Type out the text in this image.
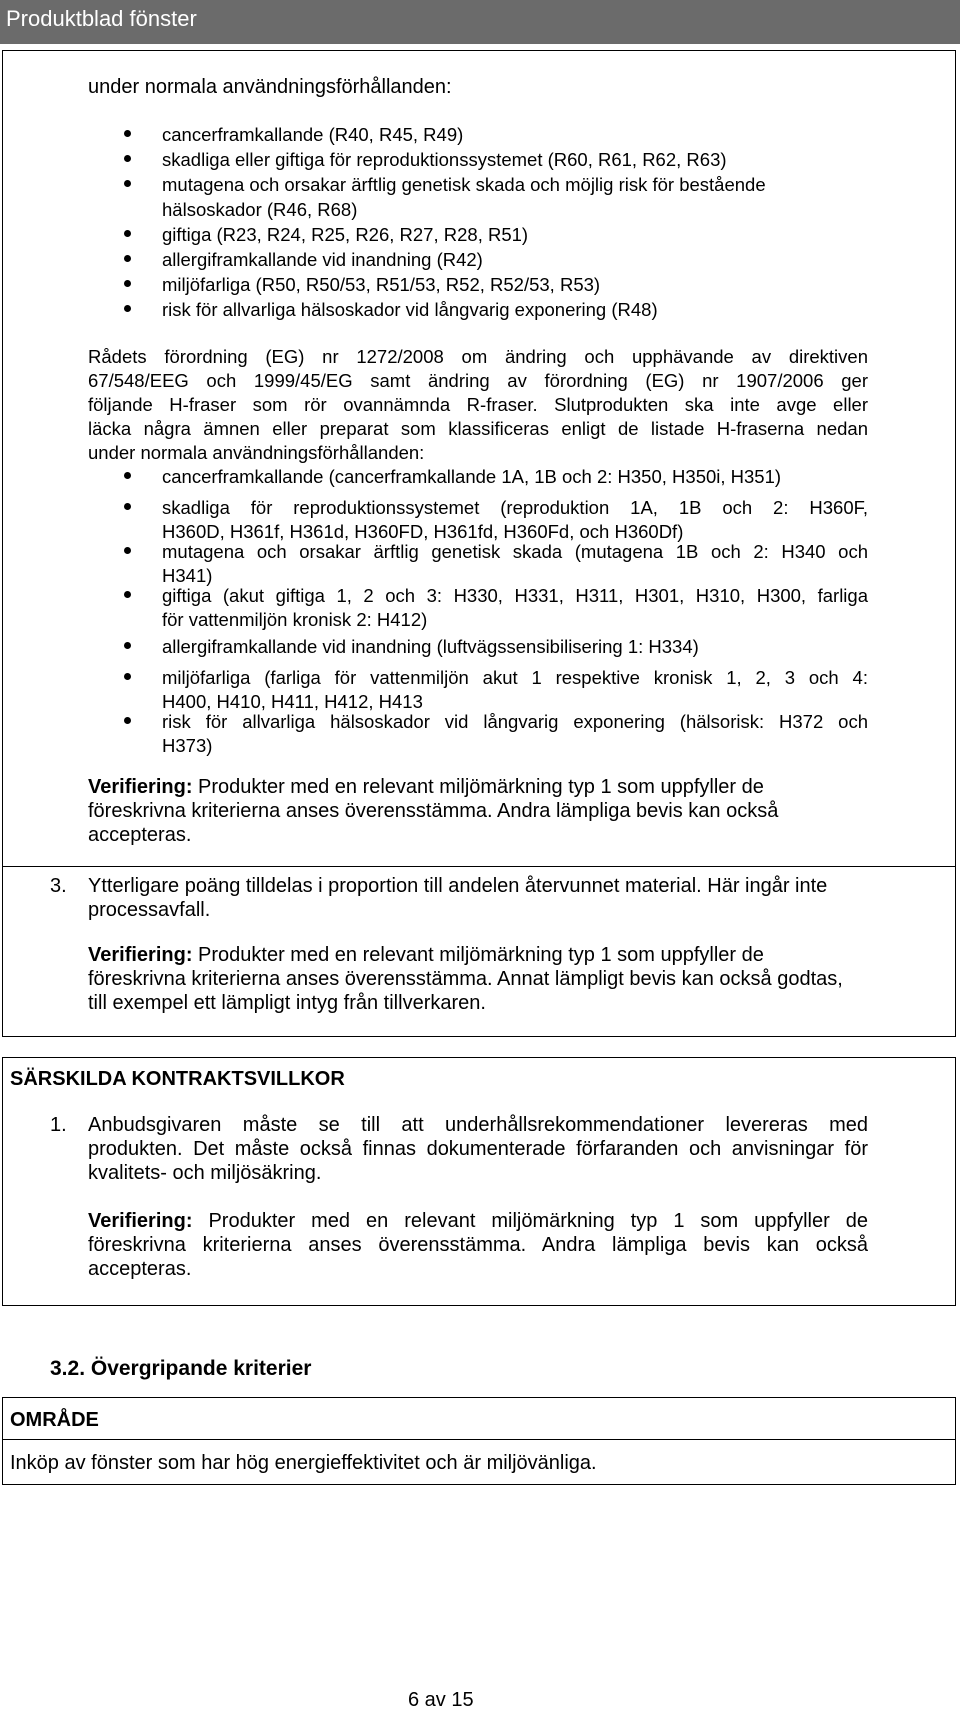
Produktblad fönster
under normala användningsförhållanden:
cancerframkallande (R40, R45, R49)
skadliga eller giftiga för reproduktionssystemet (R60, R61, R62, R63)
mutagena och orsakar ärftlig genetisk skada och möjlig risk för bestående
hälsoskador (R46, R68)
giftiga (R23, R24, R25, R26, R27, R28, R51)
allergiframkallande vid inandning (R42)
miljöfarliga (R50, R50/53, R51/53, R52, R52/53, R53)
risk för allvarliga hälsoskador vid långvarig exponering (R48)
Rådets förordning (EG) nr 1272/2008 om ändring och upphävande av direktiven
67/548/EEG och 1999/45/EG samt ändring av förordning (EG) nr 1907/2006 ger
följande H-fraser som rör ovannämnda R-fraser. Slutprodukten ska inte avge eller
läcka några ämnen eller preparat som klassificeras enligt de listade H-fraserna nedan
under normala användningsförhållanden:
cancerframkallande (cancerframkallande 1A, 1B och 2: H350, H350i, H351)
skadliga för reproduktionssystemet (reproduktion 1A, 1B och 2: H360F,
H360D, H361f, H361d, H360FD, H361fd, H360Fd, och H360Df)
mutagena och orsakar ärftlig genetisk skada (mutagena 1B och 2: H340 och
H341)
giftiga (akut giftiga 1, 2 och 3: H330, H331, H311, H301, H310, H300, farliga
för vattenmiljön kronisk 2: H412)
allergiframkallande vid inandning (luftvägssensibilisering 1: H334)
miljöfarliga (farliga för vattenmiljön akut 1 respektive kronisk 1, 2, 3 och 4:
H400, H410, H411, H412, H413
risk för allvarliga hälsoskador vid långvarig exponering (hälsorisk: H372 och
H373)
Verifiering: Produkter med en relevant miljömärkning typ 1 som uppfyller de
föreskrivna kriterierna anses överensstämma. Andra lämpliga bevis kan också
accepteras.
3. Ytterligare poäng tilldelas i proportion till andelen återvunnet material. Här ingår inte
processavfall.
Verifiering: Produkter med en relevant miljömärkning typ 1 som uppfyller de
föreskrivna kriterierna anses överensstämma. Annat lämpligt bevis kan också godtas,
till exempel ett lämpligt intyg från tillverkaren.
SÄRSKILDA KONTRAKTSVILLKOR
1. Anbudsgivaren måste se till att underhållsrekommendationer levereras med
produkten. Det måste också finnas dokumenterade förfaranden och anvisningar för
kvalitets- och miljösäkring.
Verifiering: Produkter med en relevant miljömärkning typ 1 som uppfyller de
föreskrivna kriterierna anses överensstämma. Andra lämpliga bevis kan också
accepteras.
3.2. Övergripande kriterier
OMRÅDE
Inköp av fönster som har hög energieffektivitet och är miljövänliga.
6 av 15
